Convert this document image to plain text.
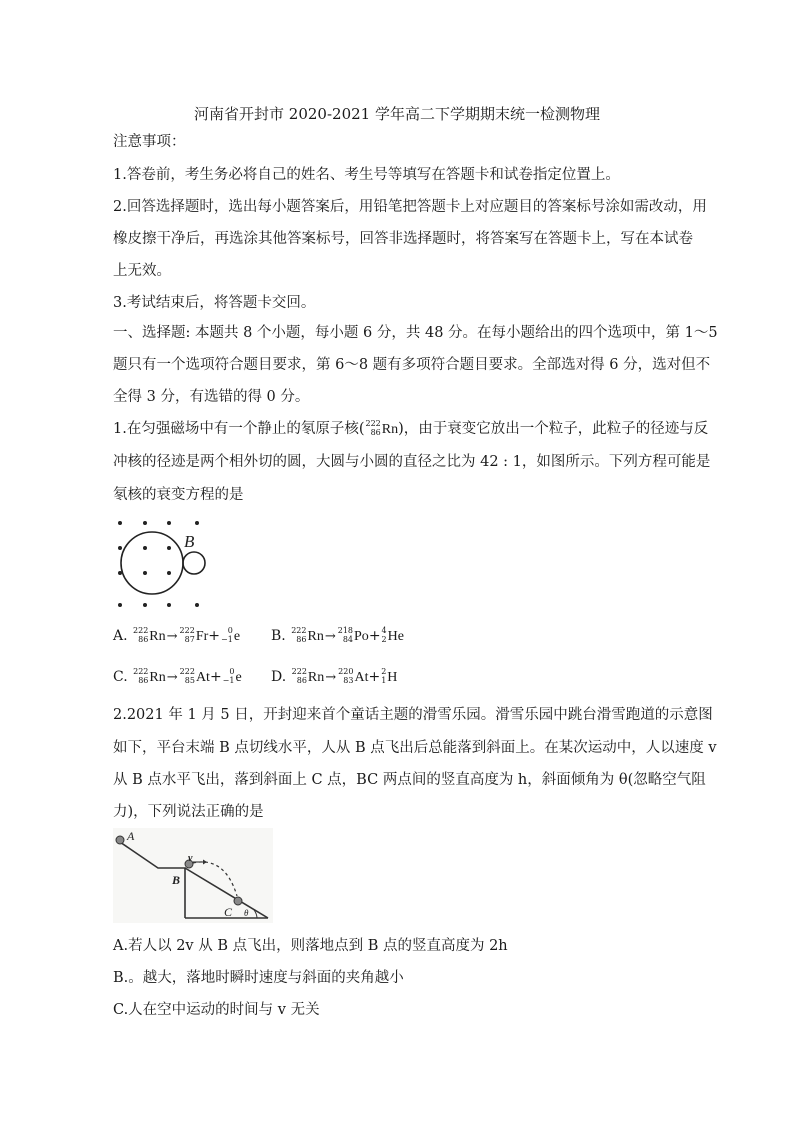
河南省开封市 2020-2021 学年高二下学期期末统一检测物理
注意事项：
1.答卷前，考生务必将自己的姓名、考生号等填写在答题卡和试卷指定位置上。
2.回答选择题时，选出每小题答案后，用铅笔把答题卡上对应题目的答案标号涂如需改动，用
橡皮擦干净后，再选涂其他答案标号，回答非选择题时，将答案写在答题卡上，写在本试卷
上无效。
3.考试结束后，将答题卡交回。
一、选择题: 本题共 8 个小题，每小题 6 分，共 48 分。在每小题给出的四个选项中，第 1～5
题只有一个选项符合题目要求，第 6～8 题有多项符合题目要求。全部选对得 6 分，选对但不
全得 3 分，有选错的得 0 分。
1.在匀强磁场中有一个静止的氡原子核( 222
86 Rn)，由于衰变它放出一个粒子，此粒子的径迹与反
冲核的径迹是两个相外切的圆，大圆与小圆的直径之比为 42 : 1，如图所示。下列方程可能是
氡核的衰变方程的是
B
A. 222
86 Rn→ 222
87 Fr+ 0
−1 e B. 222
86 Rn→ 218
84 Po+ 4
2 He
C. 222
86 Rn→ 222
85 At+ 0
−1 e D. 222
86 Rn→ 220
83 At+ 2
1 H
2.2021 年 1 月 5 日，开封迎来首个童话主题的滑雪乐园。滑雪乐园中跳台滑雪跑道的示意图
如下，平台末端 B 点切线水平，人从 B 点飞出后总能落到斜面上。在某次运动中，人以速度 v
从 B 点水平飞出，落到斜面上 C 点，BC 两点间的竖直高度为 h，斜面倾角为 θ(忽略空气阻
力)，下列说法正确的是
A
B
C
v
θ
A.若人以 2v 从 B 点飞出，则落地点到 B 点的竖直高度为 2h
B.。越大，落地时瞬时速度与斜面的夹角越小
C.人在空中运动的时间与 v 无关
